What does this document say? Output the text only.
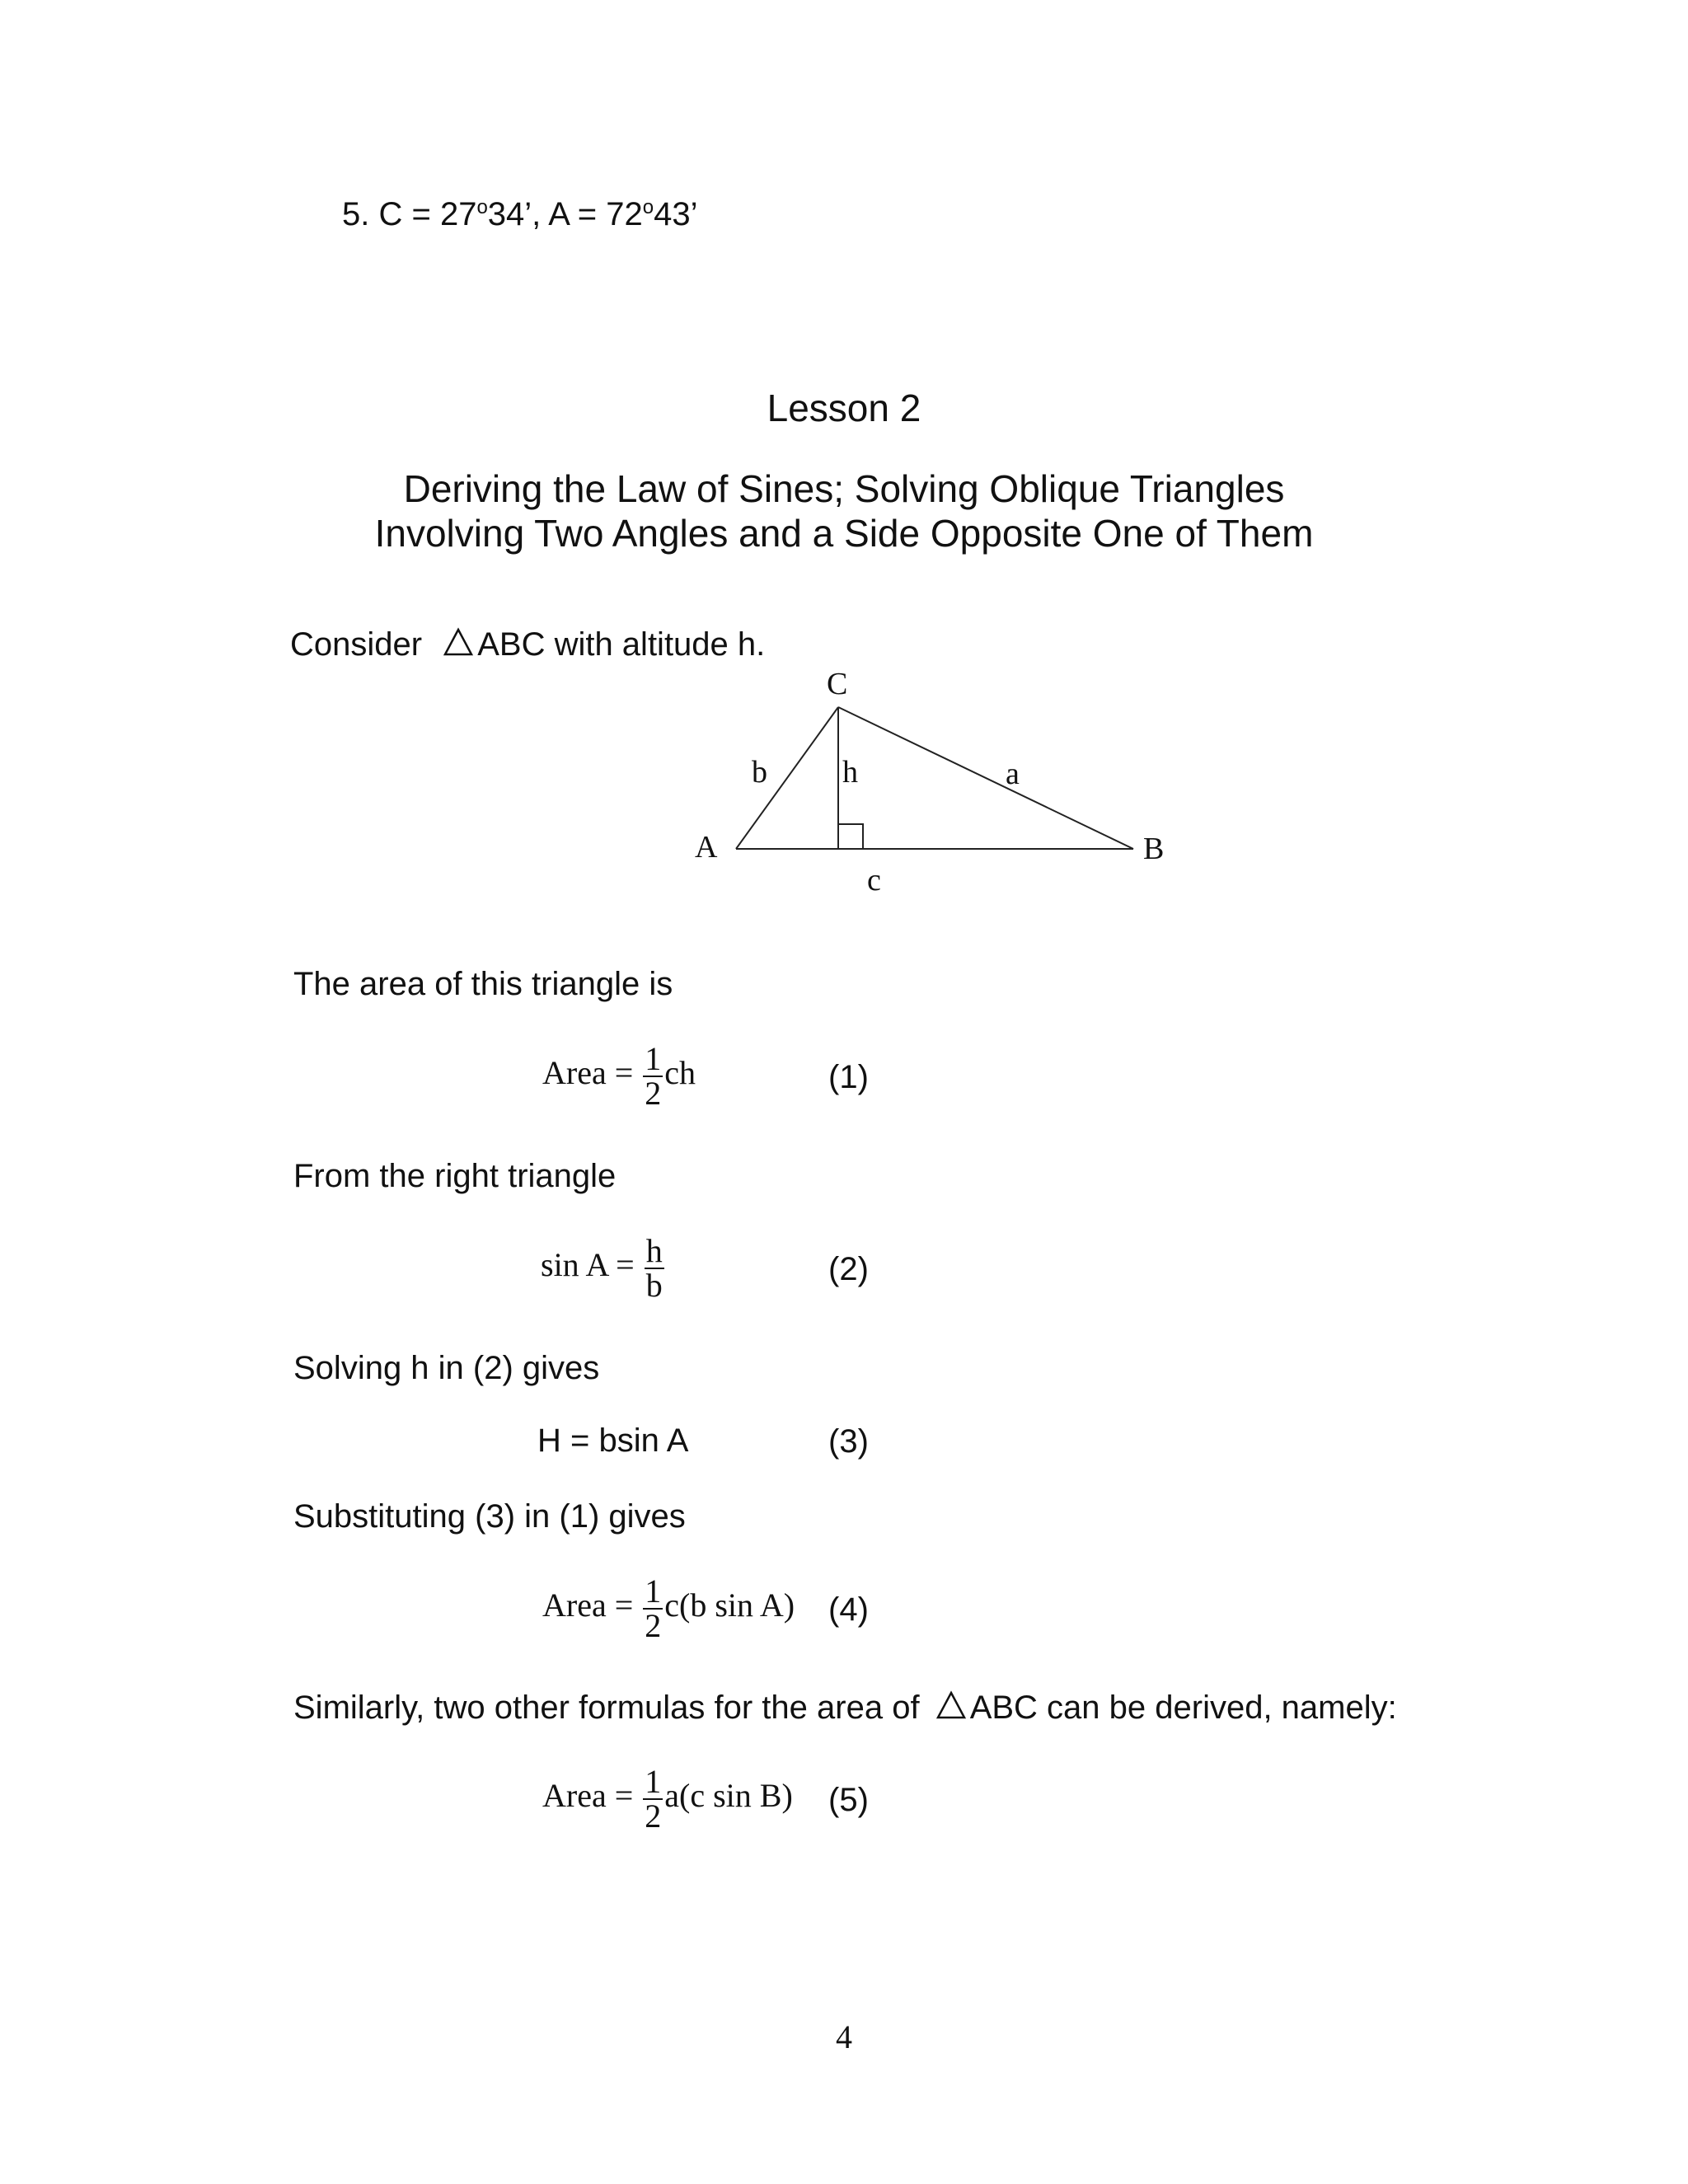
5. $C = 27^o34$’, $A = 72^o43$’
Lesson 2
Deriving the Law of Sines; Solving Oblique Triangles
Involving Two Angles and a Side Opposite One of Them
Consider ABC with altitude h.
C
A	B
b h	a
c
The area of this triangle is
Area = $\frac{1}{2}$ ch	(1)
From the right triangle
$\sin A = \frac{h}{b}$	(2)
Solving h in (2) gives
H = bsin A	(3)
Substituting (3) in (1) gives
Area = $\frac{1}{2} c(b$ sin A) (4)
Similarly, two other formulas for the area of ABC can be derived, namely:
Area = $\frac{1}{2} a(c$ sin B) (5)
4
